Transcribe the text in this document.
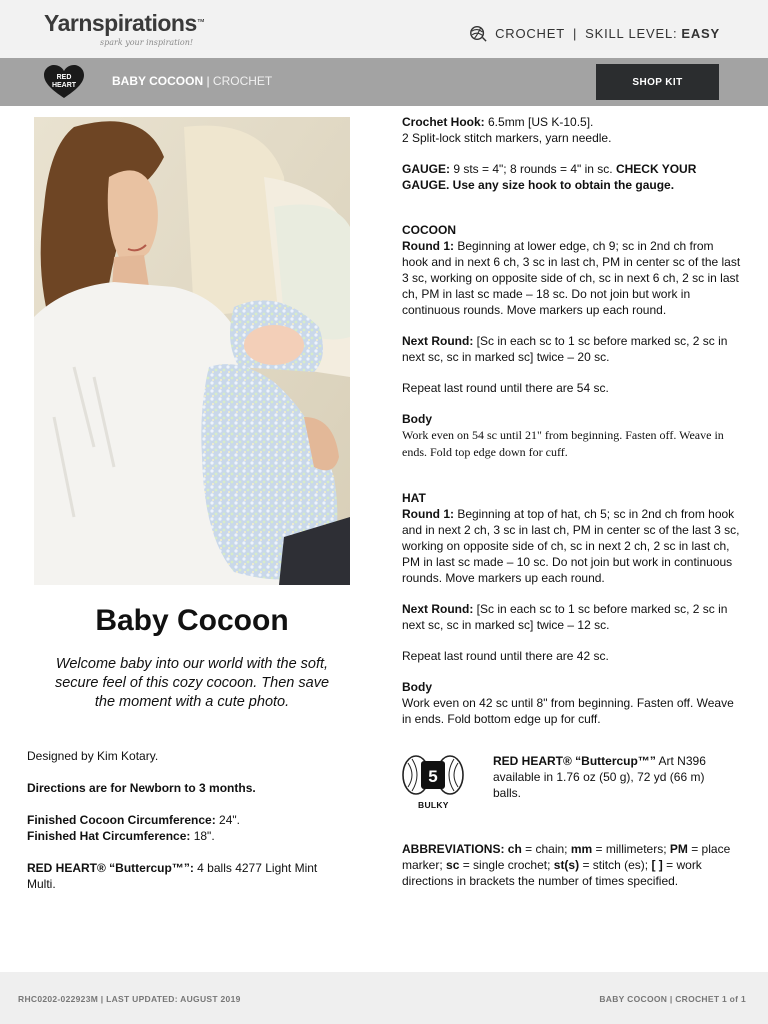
Yarnspirations™
spark your inspiration!
CROCHET | SKILL LEVEL: EASY
RED
HEART	BABY COCOON | CROCHET	SHOP KIT
Baby Cocoon

Welcome baby into our world with the soft, secure feel of this cozy cocoon. Then save the moment with a cute photo.

Designed by Kim Kotary.

Directions are for Newborn to 3 months.

Finished Cocoon Circumference: 24".
Finished Hat Circumference: 18".

RED HEART® “Buttercup™”: 4 balls 4277 Light Mint Multi.

Crochet Hook: 6.5mm [US K-10.5].
2 Split-lock stitch markers, yarn needle.

GAUGE: 9 sts = 4"; 8 rounds = 4" in sc. CHECK YOUR GAUGE. Use any size hook to obtain the gauge.

COCOON
Round 1: Beginning at lower edge, ch 9; sc in 2nd ch from hook and in next 6 ch, 3 sc in last ch, PM in center sc of the last 3 sc, working on opposite side of ch, sc in next 6 ch, 2 sc in last ch, PM in last sc made – 18 sc. Do not join but work in continuous rounds. Move markers up each round.

Next Round: [Sc in each sc to 1 sc before marked sc, 2 sc in next sc, sc in marked sc] twice – 20 sc.

Repeat last round until there are 54 sc.

Body
Work even on 54 sc until 21" from beginning. Fasten off. Weave in ends. Fold top edge down for cuff.

HAT
Round 1: Beginning at top of hat, ch 5; sc in 2nd ch from hook and in next 2 ch, 3 sc in last ch, PM in center sc of the last 3 sc, working on opposite side of ch, sc in next 2 ch, 2 sc in last ch, PM in last sc made – 10 sc. Do not join but work in continuous rounds. Move markers up each round.

Next Round: [Sc in each sc to 1 sc before marked sc, 2 sc in next sc, sc in marked sc] twice – 12 sc.

Repeat last round until there are 42 sc.

Body
Work even on 42 sc until 8" from beginning. Fasten off. Weave in ends. Fold bottom edge up for cuff.

5
BULKY
RED HEART® “Buttercup™” Art N396 available in 1.76 oz (50 g), 72 yd (66 m) balls.

ABBREVIATIONS: ch = chain; mm = millimeters; PM = place marker; sc = single crochet; st(s) = stitch (es); [ ] = work directions in brackets the number of times specified.

RHC0202-022923M | LAST UPDATED: AUGUST 2019	BABY COCOON | CROCHET 1 of 1
